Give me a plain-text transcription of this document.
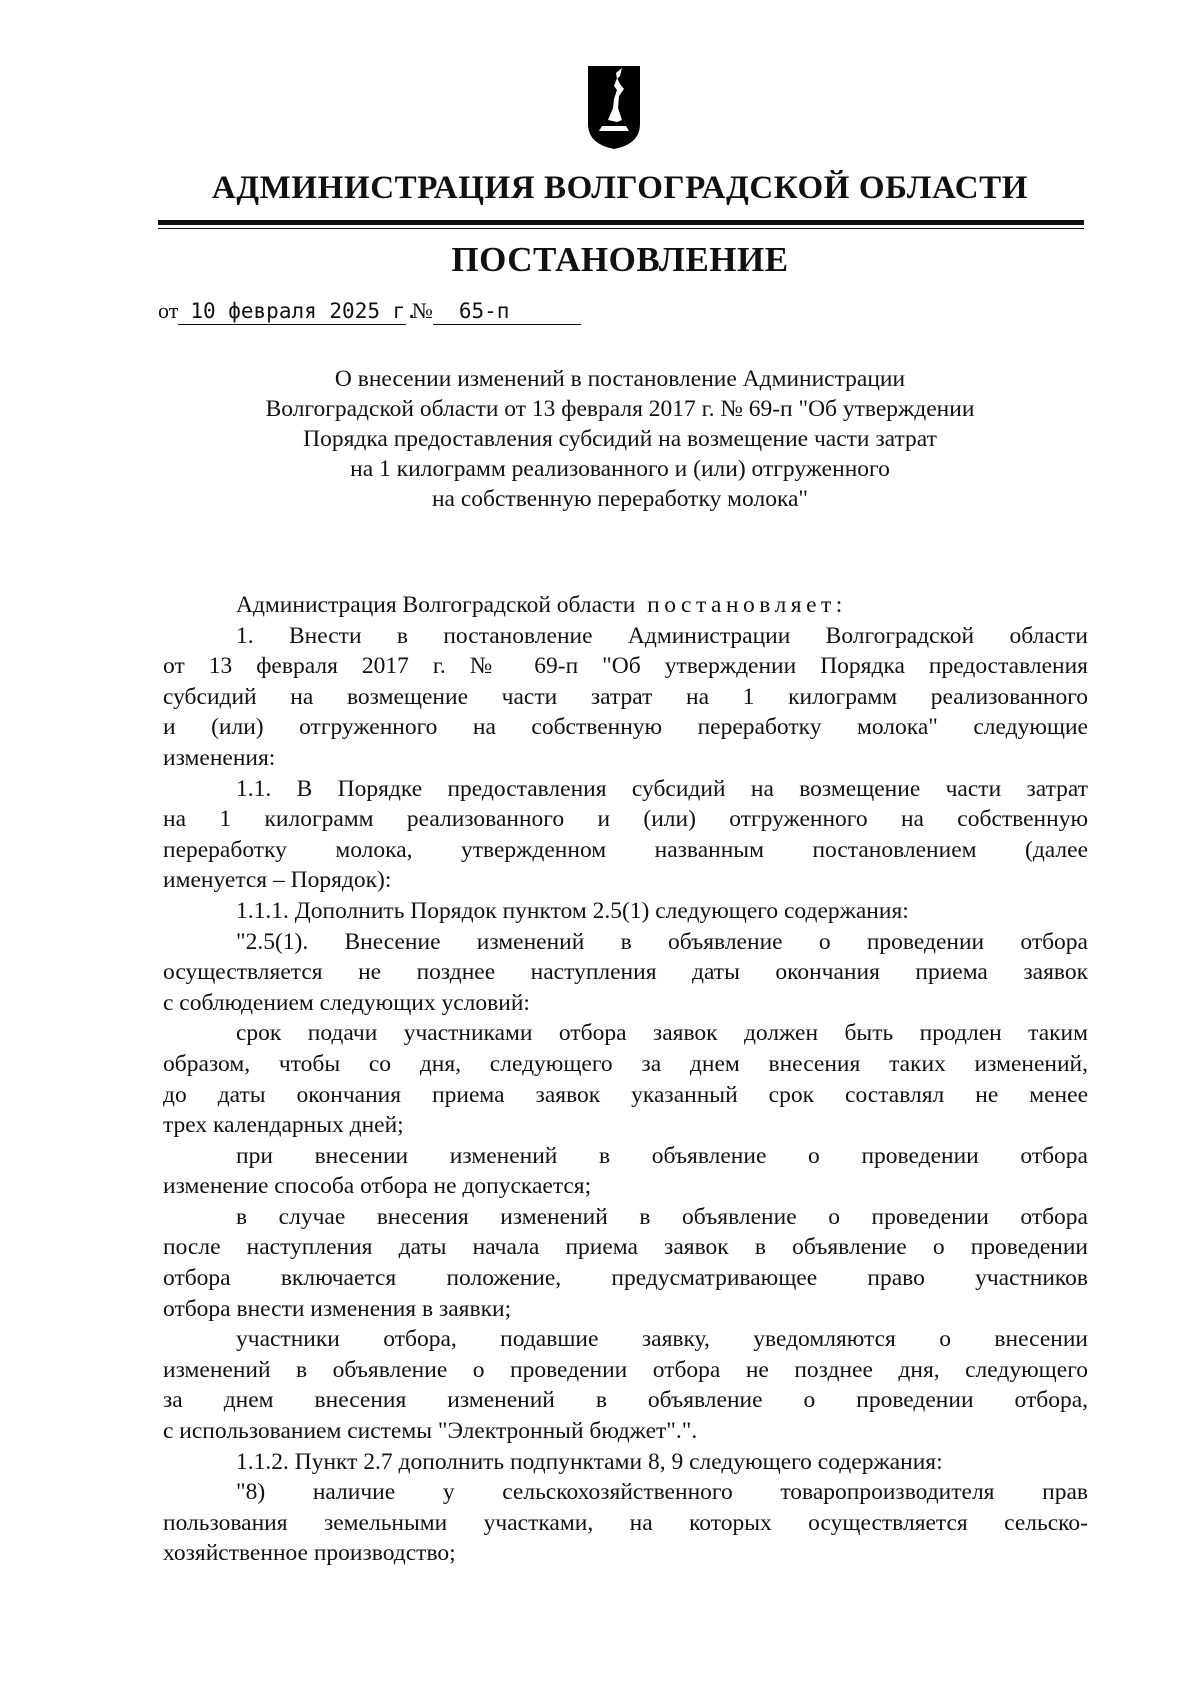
АДМИНИСТРАЦИЯ ВОЛГОГРАДСКОЙ ОБЛАСТИ
ПОСТАНОВЛЕНИЕ
от 10 февраля 2025 г. № 65-п
О внесении изменений в постановление Администрации
Волгоградской области от 13 февраля 2017 г. № 69-п "Об утверждении
Порядка предоставления субсидий на возмещение части затрат
на 1 килограмм реализованного и (или) отгруженного
на собственную переработку молока"
Администрация Волгоградской области постановляет:
1. Внести в постановление Администрации Волгоградской области
от 13 февраля 2017 г. № 69-п "Об утверждении Порядка предоставления
субсидий на возмещение части затрат на 1 килограмм реализованного
и (или) отгруженного на собственную переработку молока" следующие
изменения:
1.1. В Порядке предоставления субсидий на возмещение части затрат
на 1 килограмм реализованного и (или) отгруженного на собственную
переработку молока, утвержденном названным постановлением (далее
именуется – Порядок):
1.1.1. Дополнить Порядок пунктом 2.5(1) следующего содержания:
"2.5(1). Внесение изменений в объявление о проведении отбора
осуществляется не позднее наступления даты окончания приема заявок
с соблюдением следующих условий:
срок подачи участниками отбора заявок должен быть продлен таким
образом, чтобы со дня, следующего за днем внесения таких изменений,
до даты окончания приема заявок указанный срок составлял не менее
трех календарных дней;
при внесении изменений в объявление о проведении отбора
изменение способа отбора не допускается;
в случае внесения изменений в объявление о проведении отбора
после наступления даты начала приема заявок в объявление о проведении
отбора включается положение, предусматривающее право участников
отбора внести изменения в заявки;
участники отбора, подавшие заявку, уведомляются о внесении
изменений в объявление о проведении отбора не позднее дня, следующего
за днем внесения изменений в объявление о проведении отбора,
с использованием системы "Электронный бюджет".".
1.1.2. Пункт 2.7 дополнить подпунктами 8, 9 следующего содержания:
"8) наличие у сельскохозяйственного товаропроизводителя прав
пользования земельными участками, на которых осуществляется сельско-
хозяйственное производство;
